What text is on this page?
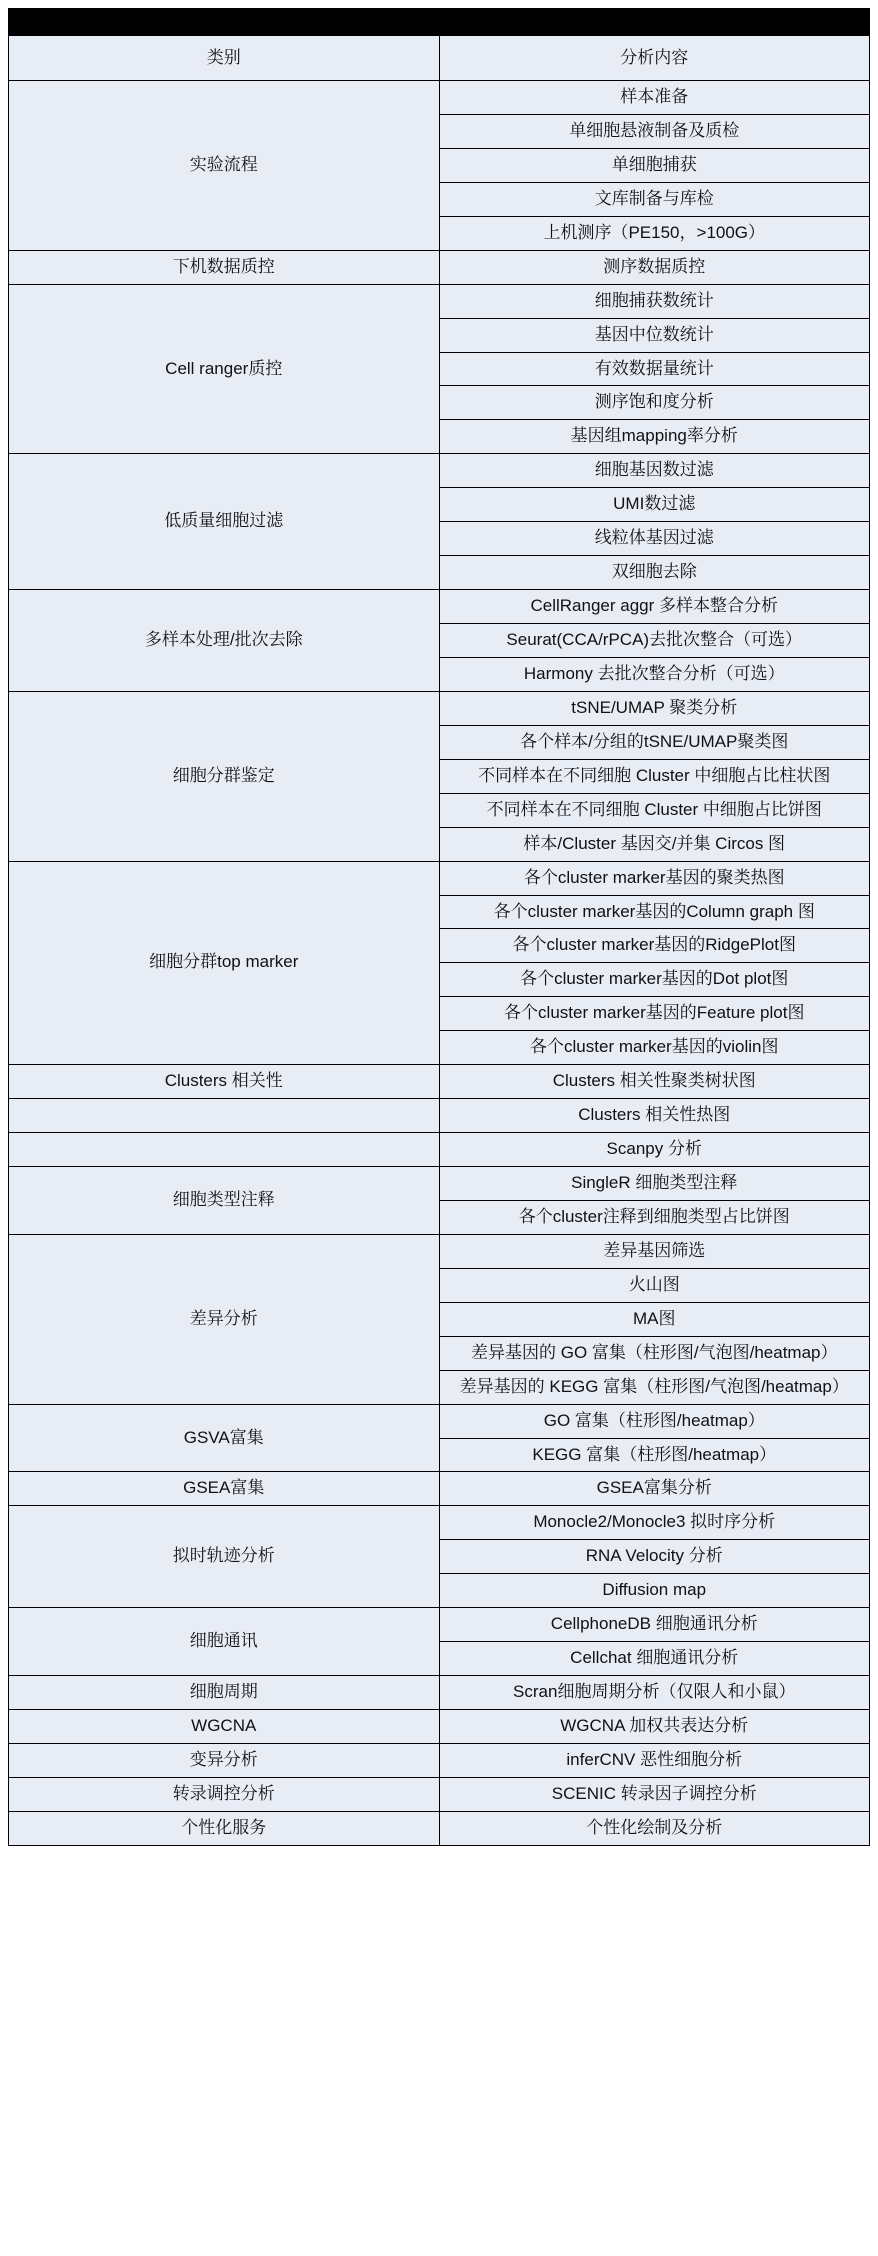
类别	分析内容
实验流程	样本准备
	单细胞悬液制备及质检
	单细胞捕获
	文库制备与库检
	上机测序（PE150，>100G）
下机数据质控	测序数据质控
Cell ranger质控	细胞捕获数统计
	基因中位数统计
	有效数据量统计
	测序饱和度分析
	基因组mapping率分析
低质量细胞过滤	细胞基因数过滤
	UMI数过滤
	线粒体基因过滤
	双细胞去除
多样本处理/批次去除	CellRanger aggr 多样本整合分析
	Seurat(CCA/rPCA)去批次整合（可选）
	Harmony 去批次整合分析（可选）
细胞分群鉴定	tSNE/UMAP 聚类分析
	各个样本/分组的tSNE/UMAP聚类图
	不同样本在不同细胞 Cluster 中细胞占比柱状图
	不同样本在不同细胞 Cluster 中细胞占比饼图
	样本/Cluster 基因交/并集 Circos 图
细胞分群top marker	各个cluster marker基因的聚类热图
	各个cluster marker基因的Column graph 图
	各个cluster marker基因的RidgePlot图
	各个cluster marker基因的Dot plot图
	各个cluster marker基因的Feature plot图
	各个cluster marker基因的violin图
Clusters 相关性	Clusters 相关性聚类树状图
	Clusters 相关性热图
	Scanpy 分析
细胞类型注释	SingleR 细胞类型注释
	各个cluster注释到细胞类型占比饼图
差异分析	差异基因筛选
	火山图
	MA图
	差异基因的 GO 富集（柱形图/气泡图/heatmap）
	差异基因的 KEGG 富集（柱形图/气泡图/heatmap）
GSVA富集	GO 富集（柱形图/heatmap）
	KEGG 富集（柱形图/heatmap）
GSEA富集	GSEA富集分析
拟时轨迹分析	Monocle2/Monocle3 拟时序分析
	RNA Velocity 分析
	Diffusion map
细胞通讯	CellphoneDB 细胞通讯分析
	Cellchat 细胞通讯分析
细胞周期	Scran细胞周期分析（仅限人和小鼠）
WGCNA	WGCNA 加权共表达分析
变异分析	inferCNV 恶性细胞分析
转录调控分析	SCENIC 转录因子调控分析
个性化服务	个性化绘制及分析
